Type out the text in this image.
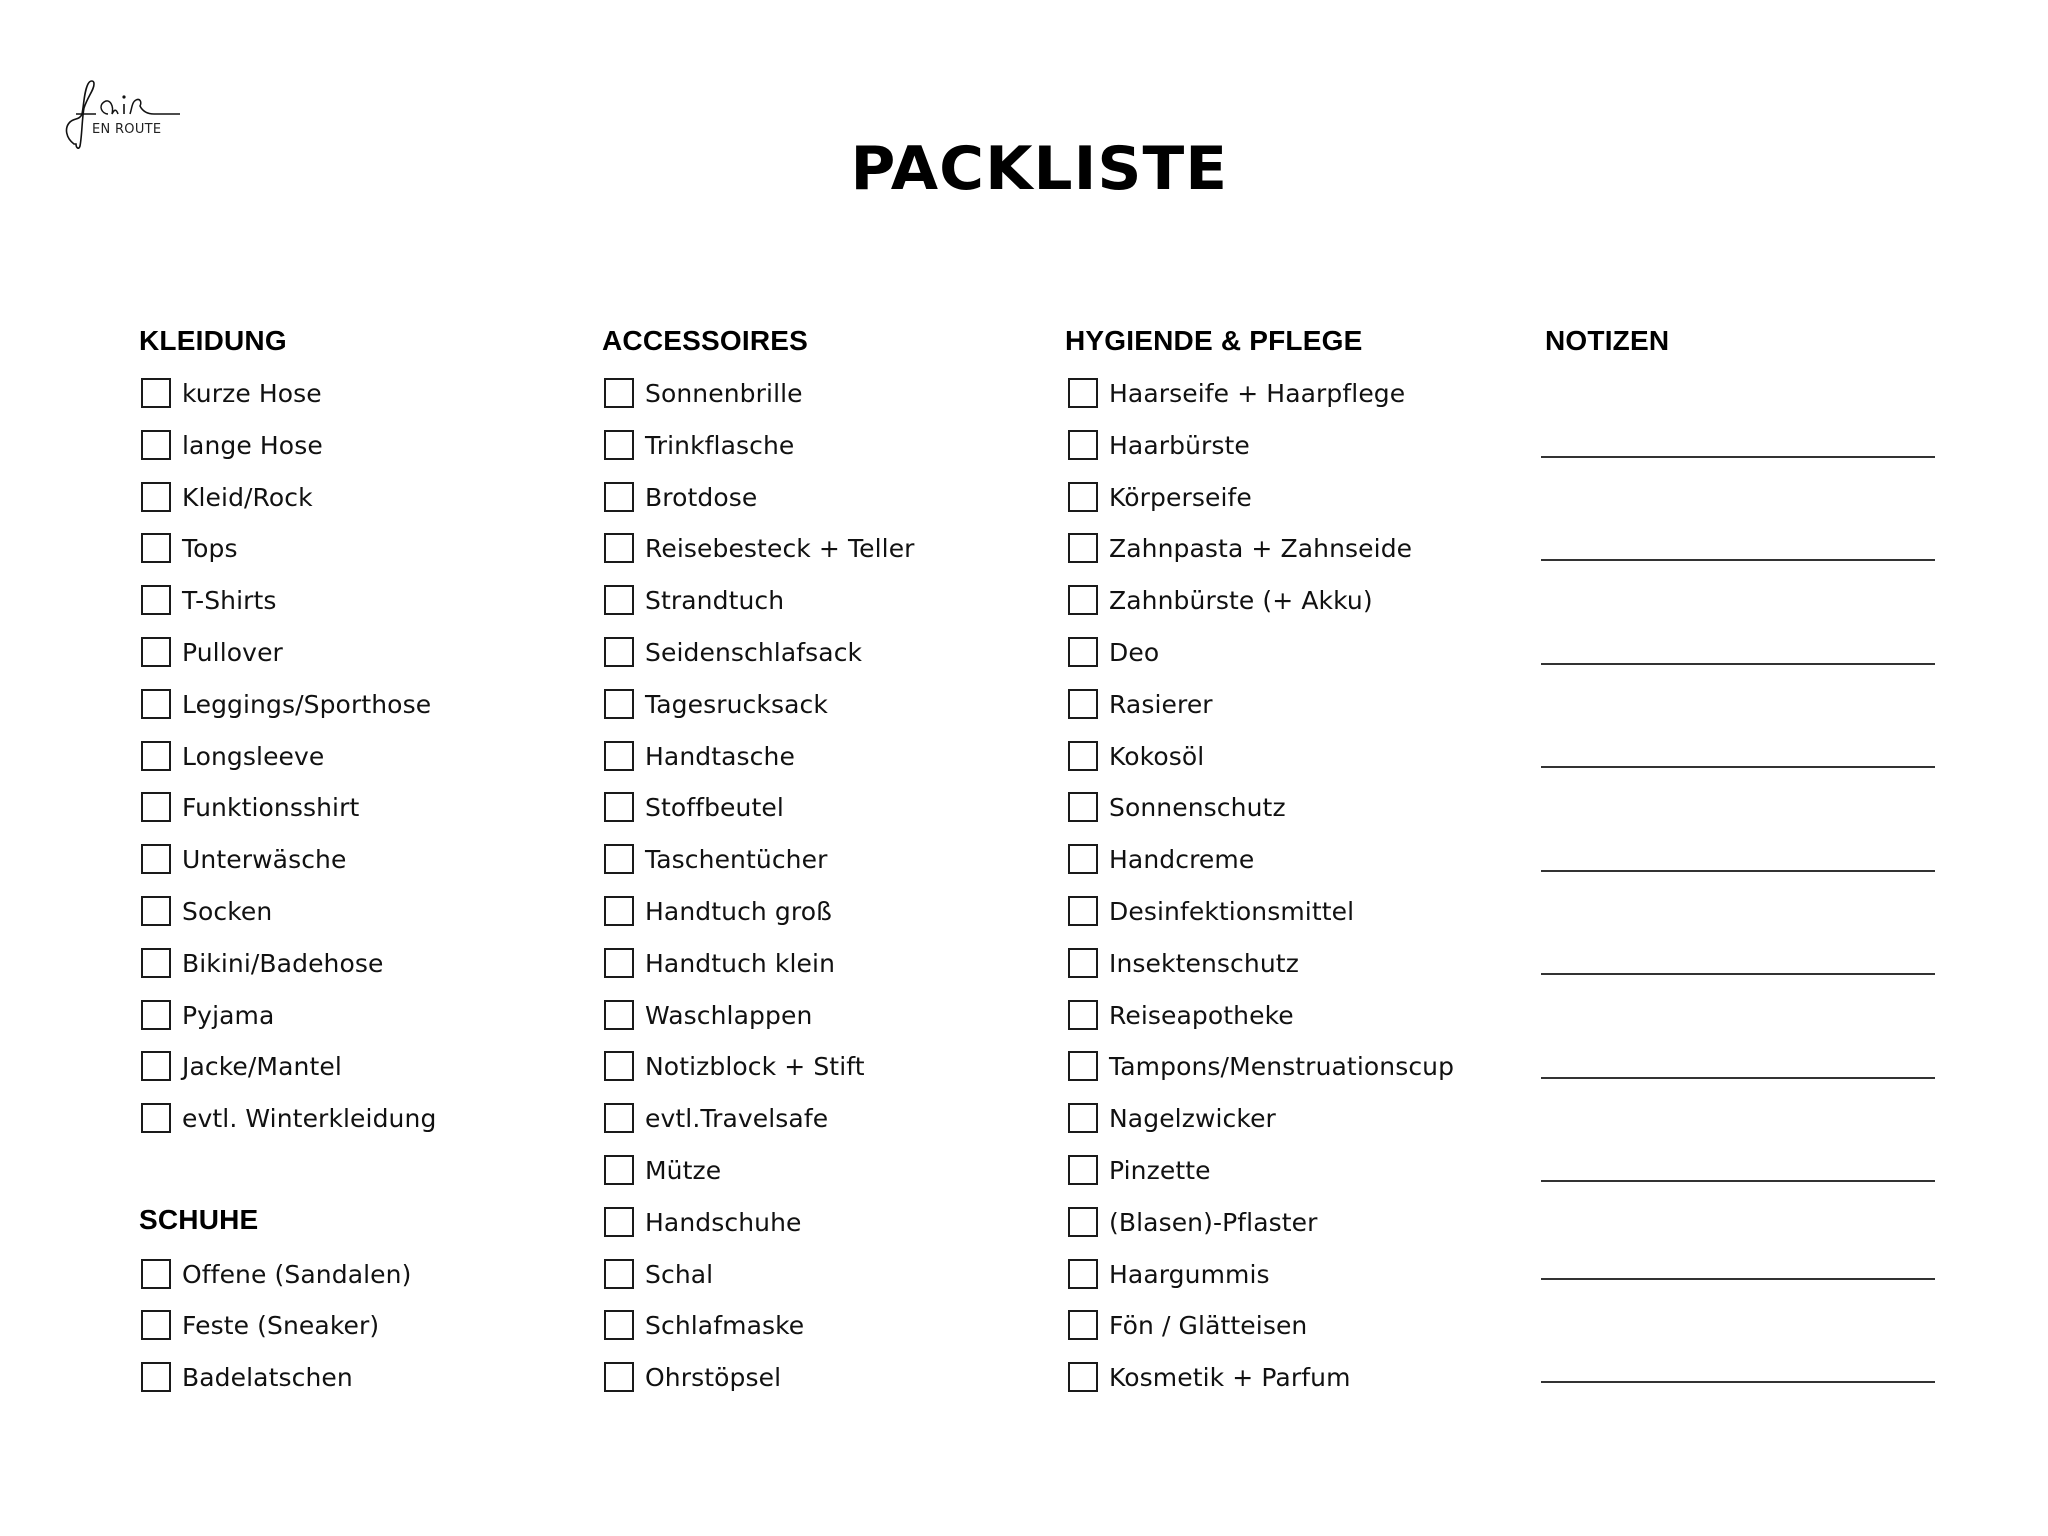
EN ROUTE
PACKLISTE
KLEIDUNG	ACCESSOIRES	HYGIENDE & PFLEGE	NOTIZEN
SCHUHE
kurze Hose
lange Hose
Kleid/Rock
Tops
T-Shirts
Pullover
Leggings/Sporthose
Longsleeve
Funktionsshirt
Unterwäsche
Socken
Bikini/Badehose
Pyjama
Jacke/Mantel
evtl. Winterkleidung
Offene (Sandalen)
Feste (Sneaker)
Badelatschen
Sonnenbrille
Trinkflasche
Brotdose
Reisebesteck + Teller
Strandtuch
Seidenschlafsack
Tagesrucksack
Handtasche
Stoffbeutel
Taschentücher
Handtuch groß
Handtuch klein
Waschlappen
Notizblock + Stift
evtl.Travelsafe
Mütze
Handschuhe
Schal
Schlafmaske
Ohrstöpsel
Haarseife + Haarpflege
Haarbürste
Körperseife
Zahnpasta + Zahnseide
Zahnbürste (+ Akku)
Deo
Rasierer
Kokosöl
Sonnenschutz
Handcreme
Desinfektionsmittel
Insektenschutz
Reiseapotheke
Tampons/Menstruationscup
Nagelzwicker
Pinzette
(Blasen)-Pflaster
Haargummis
Fön / Glätteisen
Kosmetik + Parfum
